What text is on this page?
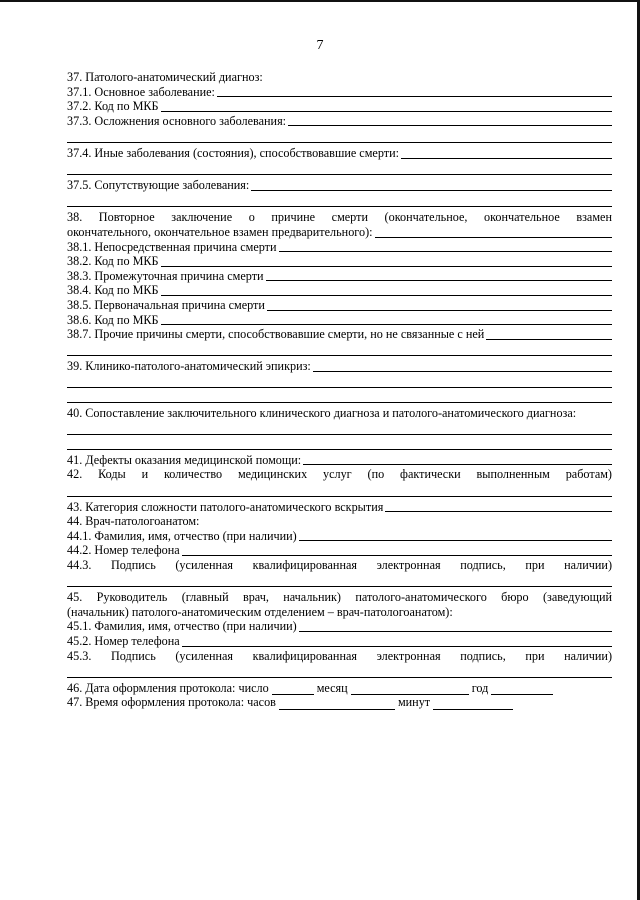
7
37. Патолого-анатомический диагноз:
37.1. Основное заболевание:
37.2. Код по МКБ
37.3. Осложнения основного заболевания:
37.4. Иные заболевания (состояния), способствовавшие смерти:
37.5. Сопутствующие заболевания:
38. Повторное заключение о причине смерти (окончательное, окончательное взамен
окончательного, окончательное взамен предварительного):
38.1. Непосредственная причина смерти
38.2. Код по МКБ
38.3. Промежуточная причина смерти
38.4. Код по МКБ
38.5. Первоначальная причина смерти
38.6. Код по МКБ
38.7. Прочие причины смерти, способствовавшие смерти, но не связанные с ней
39. Клинико-патолого-анатомический эпикриз:
40. Сопоставление заключительного клинического диагноза и патолого-анатомического диагноза:
41. Дефекты оказания медицинской помощи:
42. Коды и количество медицинских услуг (по фактически выполненным работам)
43. Категория сложности патолого-анатомического вскрытия
44. Врач-патологоанатом:
44.1. Фамилия, имя, отчество (при наличии)
44.2. Номер телефона
44.3. Подпись (усиленная квалифицированная электронная подпись, при наличии)
45. Руководитель (главный врач, начальник) патолого-анатомического бюро (заведующий
(начальник) патолого-анатомическим отделением – врач-патологоанатом):
45.1. Фамилия, имя, отчество (при наличии)
45.2. Номер телефона
45.3. Подпись (усиленная квалифицированная электронная подпись, при наличии)
46. Дата оформления протокола: число	месяц	год
47. Время оформления протокола: часов	минут
